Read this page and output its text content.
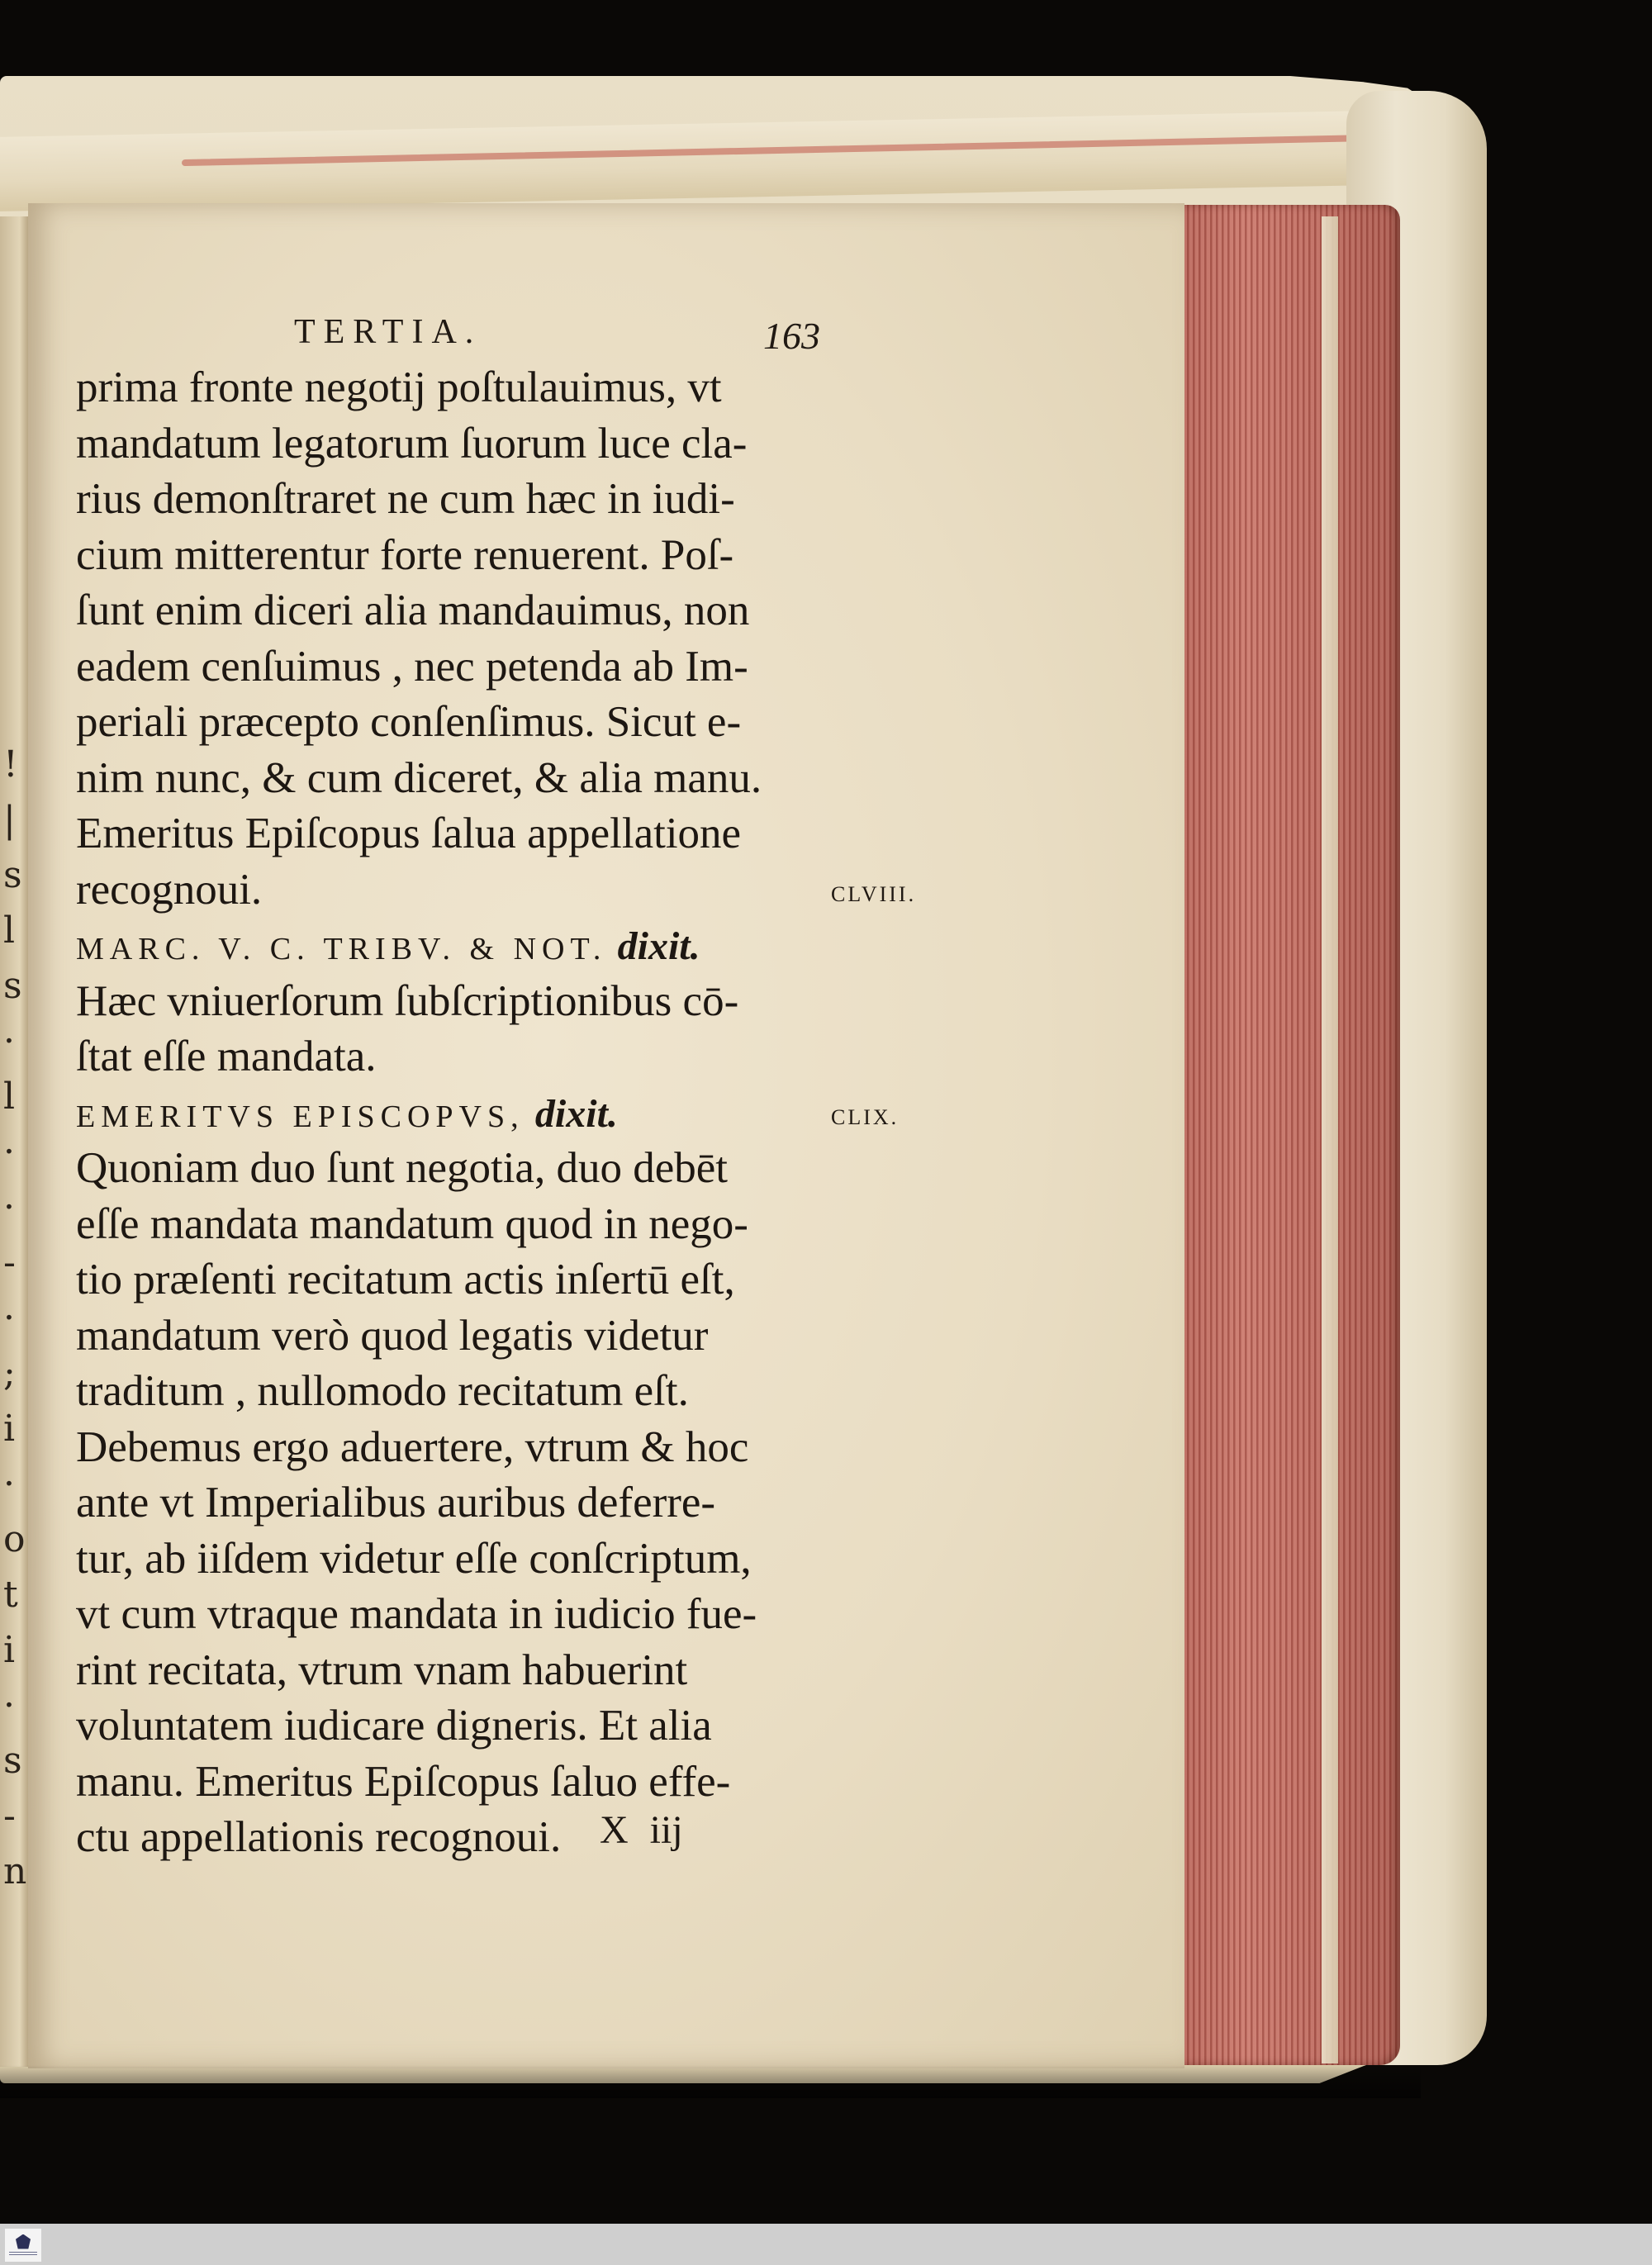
!
|
s
l
s
·
l
·
·
-
·
;
i
·
o
t
i
·
s
-
n
TERTIA.	163
prima fronte negotij poſtulauimus, vt
mandatum legatorum ſuorum luce cla-
rius demonſtraret ne cum hæc in iudi-
cium mitterentur forte renuerent. Poſ-
ſunt enim diceri alia mandauimus, non
eadem cenſuimus , nec petenda ab Im-
periali præcepto conſenſimus. Sicut e-
nim nunc, & cum diceret, & alia manu.
Emeritus Epiſcopus ſalua appellatione
recognoui.
MARC. V. C. TRIBV. & NOT. dixit.
Hæc vniuerſorum ſubſcriptionibus cō-
ſtat eſſe mandata.
EMERITVS EPISCOPVS, dixit.
Quoniam duo ſunt negotia, duo debēt
eſſe mandata mandatum quod in nego-
tio præſenti recitatum actis inſertū eſt,
mandatum verò quod legatis videtur
traditum , nullomodo recitatum eſt.
Debemus ergo aduertere, vtrum & hoc
ante vt Imperialibus auribus deferre-
tur, ab iiſdem videtur eſſe conſcriptum,
vt cum vtraque mandata in iudicio fue-
rint recitata, vtrum vnam habuerint
voluntatem iudicare digneris. Et alia
manu. Emeritus Epiſcopus ſaluo effe-
ctu appellationis recognoui.
CLVIII.
CLIX.
X iij
